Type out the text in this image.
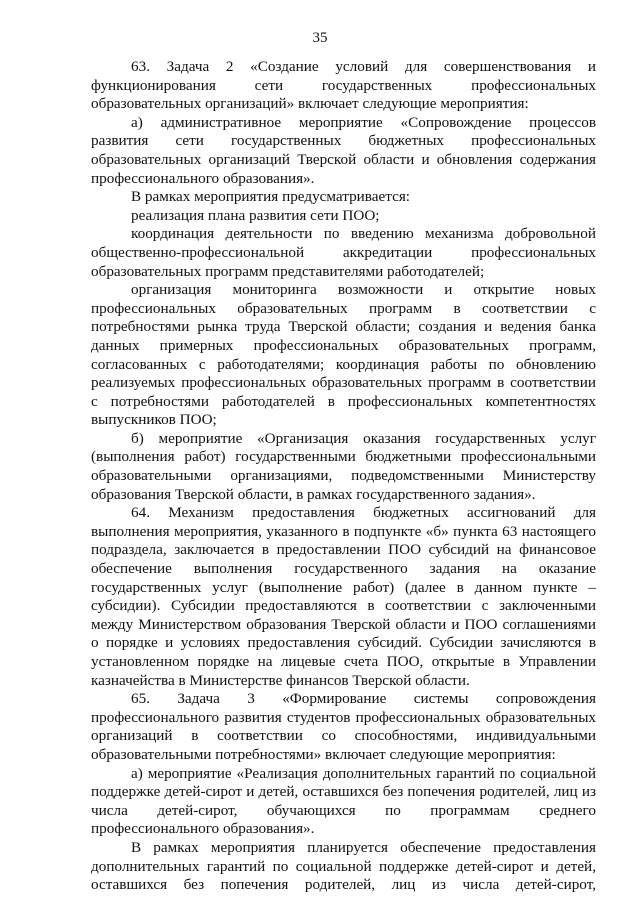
35

63. Задача 2 «Создание условий для совершенствования и функционирования сети государственных профессиональных образовательных организаций» включает следующие мероприятия:

а) административное мероприятие «Сопровождение процессов развития сети государственных бюджетных профессиональных образовательных организаций Тверской области и обновления содержания профессионального образования».

В рамках мероприятия предусматривается:

реализация плана развития сети ПОО;

координация деятельности по введению механизма добровольной общественно-профессиональной аккредитации профессиональных образовательных программ представителями работодателей;

организация мониторинга возможности и открытие новых профессиональных образовательных программ в соответствии с потребностями рынка труда Тверской области; создания и ведения банка данных примерных профессиональных образовательных программ, согласованных с работодателями; координация работы по обновлению реализуемых профессиональных образовательных программ в соответствии с потребностями работодателей в профессиональных компетентностях выпускников ПОО;

б) мероприятие «Организация оказания государственных услуг (выполнения работ) государственными бюджетными профессиональными образовательными организациями, подведомственными Министерству образования Тверской области, в рамках государственного задания».

64. Механизм предоставления бюджетных ассигнований для выполнения мероприятия, указанного в подпункте «б» пункта 63 настоящего подраздела, заключается в предоставлении ПОО субсидий на финансовое обеспечение выполнения государственного задания на оказание государственных услуг (выполнение работ) (далее в данном пункте – субсидии). Субсидии предоставляются в соответствии с заключенными между Министерством образования Тверской области и ПОО соглашениями о порядке и условиях предоставления субсидий. Субсидии зачисляются в установленном порядке на лицевые счета ПОО, открытые в Управлении казначейства в Министерстве финансов Тверской области.

65. Задача 3 «Формирование системы сопровождения профессионального развития студентов профессиональных образовательных организаций в соответствии со способностями, индивидуальными образовательными потребностями» включает следующие мероприятия:

а) мероприятие «Реализация дополнительных гарантий по социальной поддержке детей-сирот и детей, оставшихся без попечения родителей, лиц из числа детей-сирот, обучающихся по программам среднего профессионального образования».

В рамках мероприятия планируется обеспечение предоставления дополнительных гарантий по социальной поддержке детей-сирот и детей, оставшихся без попечения родителей, лиц из числа детей-сирот,
